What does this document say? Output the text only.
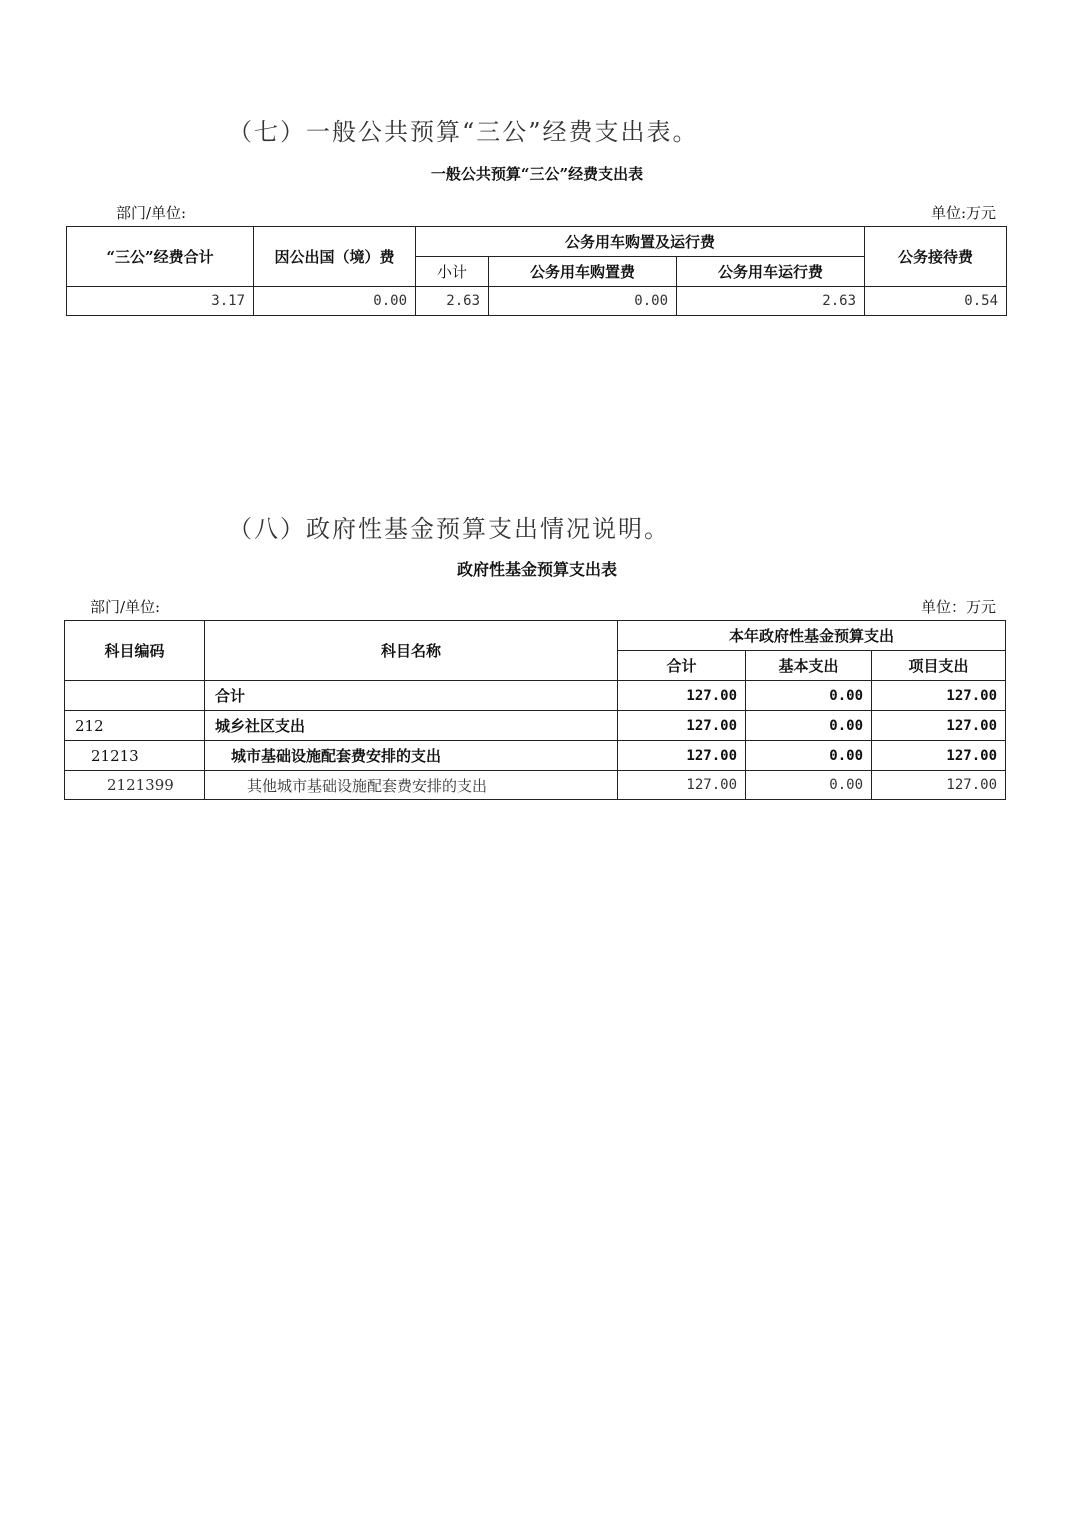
（七）一般公共预算“三公”经费支出表。
一般公共预算“三公”经费支出表
部门/单位:	单位:万元
“三公”经费合计	因公出国（境）费	公务用车购置及运行费			公务接待费
		小计	公务用车购置费	公务用车运行费	
3.17	0.00	2.63	0.00	2.63	0.54
（八）政府性基金预算支出情况说明。
政府性基金预算支出表
部门/单位:	单位：万元
科目编码	科目名称	本年政府性基金预算支出		
		合计	基本支出	项目支出
	合计	127.00	0.00	127.00
212	城乡社区支出	127.00	0.00	127.00
21213	城市基础设施配套费安排的支出	127.00	0.00	127.00
2121399	其他城市基础设施配套费安排的支出	127.00	0.00	127.00
